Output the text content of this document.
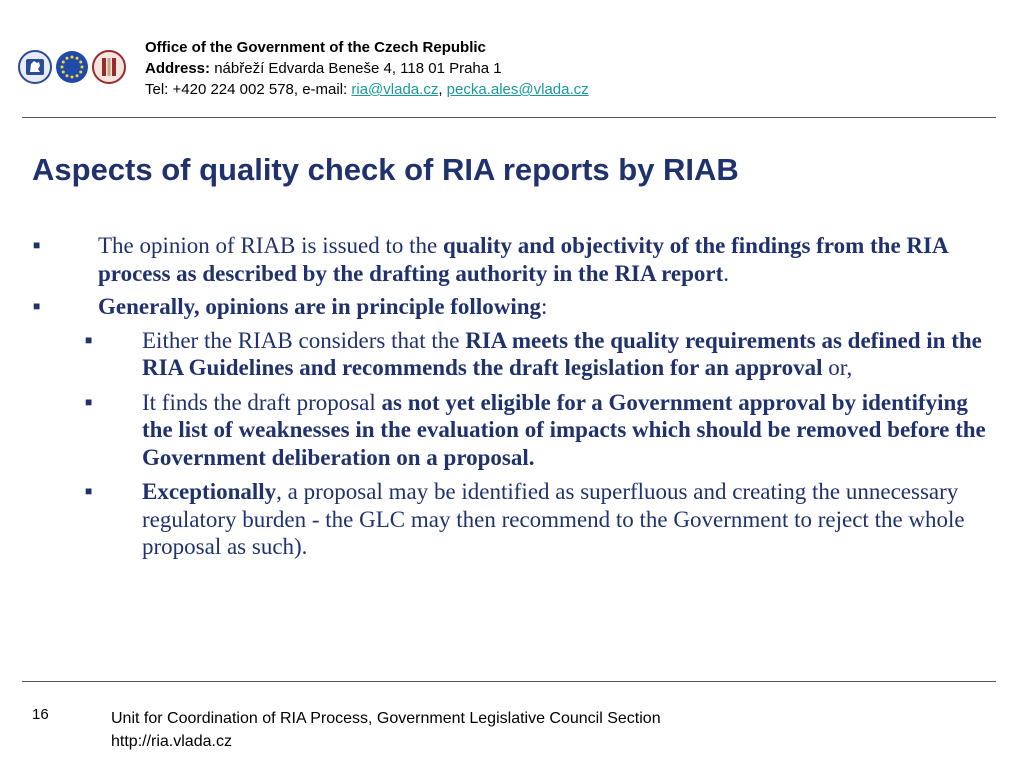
Office of the Government of the Czech Republic
Address: nábřeží Edvarda Beneše 4, 118 01 Praha 1
Tel: +420 224 002 578, e-mail: ria@vlada.cz, pecka.ales@vlada.cz
Aspects of quality check of RIA reports by RIAB
■	The opinion of RIAB is issued to the quality and objectivity of the findings from the RIA process as described by the drafting authority in the RIA report.
■	Generally, opinions are in principle following:
■ Either the RIAB considers that the RIA meets the quality requirements as defined in the RIA Guidelines and recommends the draft legislation for an approval or,
■ It finds the draft proposal as not yet eligible for a Government approval by identifying the list of weaknesses in the evaluation of impacts which should be removed before the Government deliberation on a proposal.
■ Exceptionally, a proposal may be identified as superfluous and creating the unnecessary regulatory burden - the GLC may then recommend to the Government to reject the whole proposal as such).
16	Unit for Coordination of RIA Process, Government Legislative Council Section
http://ria.vlada.cz
